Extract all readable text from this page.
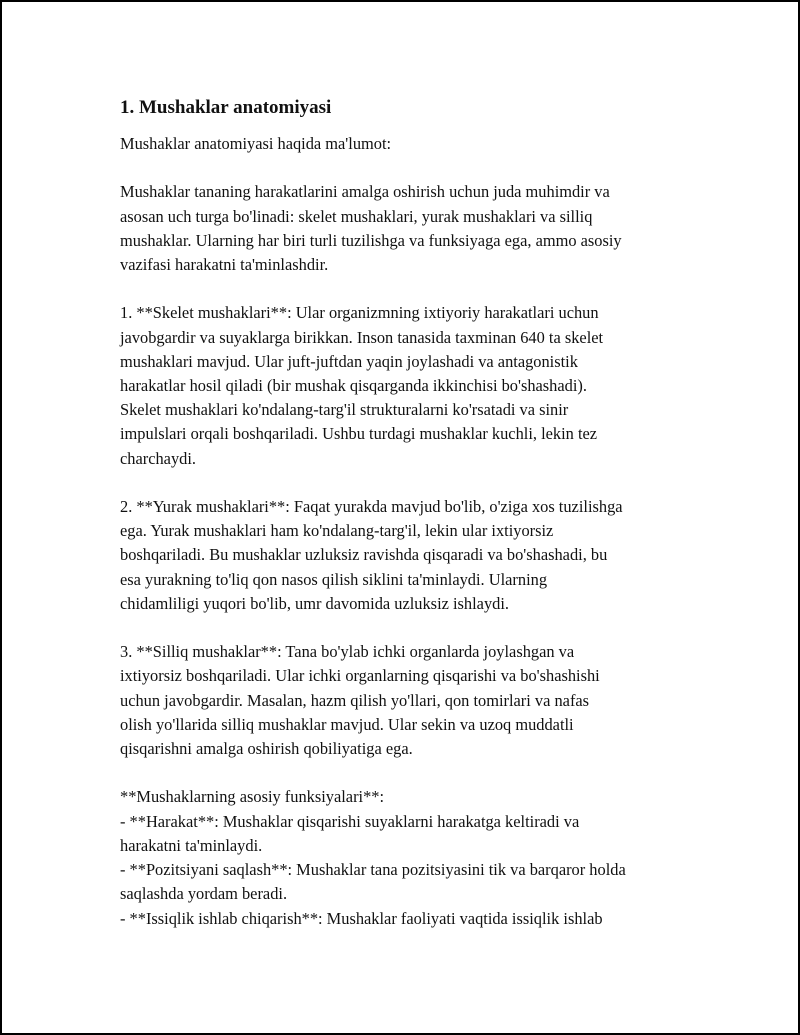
1. Mushaklar anatomiyasi

Mushaklar anatomiyasi haqida ma'lumot:

Mushaklar tananing harakatlarini amalga oshirish uchun juda muhimdir va
asosan uch turga bo'linadi: skelet mushaklari, yurak mushaklari va silliq
mushaklar. Ularning har biri turli tuzilishga va funksiyaga ega, ammo asosiy
vazifasi harakatni ta'minlashdir.

1. **Skelet mushaklari**: Ular organizmning ixtiyoriy harakatlari uchun
javobgardir va suyaklarga birikkan. Inson tanasida taxminan 640 ta skelet
mushaklari mavjud. Ular juft-juftdan yaqin joylashadi va antagonistik
harakatlar hosil qiladi (bir mushak qisqarganda ikkinchisi bo'shashadi).
Skelet mushaklari ko'ndalang-targ'il strukturalarni ko'rsatadi va sinir
impulslari orqali boshqariladi. Ushbu turdagi mushaklar kuchli, lekin tez
charchaydi.

2. **Yurak mushaklari**: Faqat yurakda mavjud bo'lib, o'ziga xos tuzilishga
ega. Yurak mushaklari ham ko'ndalang-targ'il, lekin ular ixtiyorsiz
boshqariladi. Bu mushaklar uzluksiz ravishda qisqaradi va bo'shashadi, bu
esa yurakning to'liq qon nasos qilish siklini ta'minlaydi. Ularning
chidamliligi yuqori bo'lib, umr davomida uzluksiz ishlaydi.

3. **Silliq mushaklar**: Tana bo'ylab ichki organlarda joylashgan va
ixtiyorsiz boshqariladi. Ular ichki organlarning qisqarishi va bo'shashishi
uchun javobgardir. Masalan, hazm qilish yo'llari, qon tomirlari va nafas
olish yo'llarida silliq mushaklar mavjud. Ular sekin va uzoq muddatli
qisqarishni amalga oshirish qobiliyatiga ega.

**Mushaklarning asosiy funksiyalari**:
- **Harakat**: Mushaklar qisqarishi suyaklarni harakatga keltiradi va
harakatni ta'minlaydi.
- **Pozitsiyani saqlash**: Mushaklar tana pozitsiyasini tik va barqaror holda
saqlashda yordam beradi.
- **Issiqlik ishlab chiqarish**: Mushaklar faoliyati vaqtida issiqlik ishlab
